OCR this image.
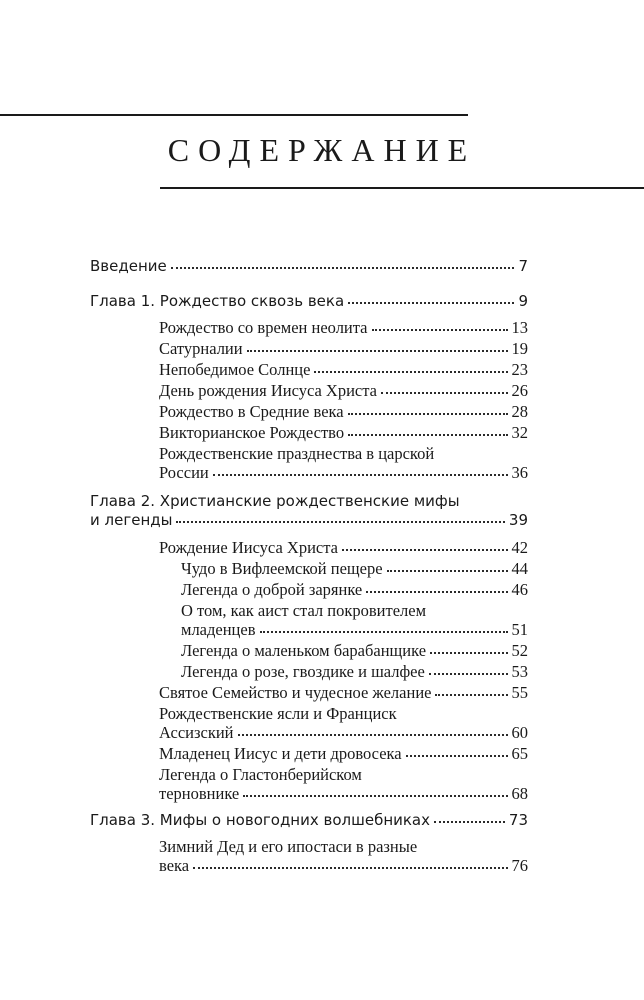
СОДЕРЖАНИЕ
Введение	7
Глава 1. Рождество сквозь века	9
Рождество со времен неолита	13
Сатурналии	19
Непобедимое Солнце	23
День рождения Иисуса Христа	26
Рождество в Средние века	28
Викторианское Рождество	32
Рождественские празднества в царской
России	36
Глава 2. Христианские рождественские мифы
и легенды	39
Рождение Иисуса Христа	42
Чудо в Вифлеемской пещере	44
Легенда о доброй зарянке	46
О том, как аист стал покровителем
младенцев	51
Легенда о маленьком барабанщике	52
Легенда о розе, гвоздике и шалфее	53
Святое Семейство и чудесное желание	55
Рождественские ясли и Франциск
Ассизский	60
Младенец Иисус и дети дровосека	65
Легенда о Гластонберийском
терновнике	68
Глава 3. Мифы о новогодних волшебниках	73
Зимний Дед и его ипостаси в разные
века	76
